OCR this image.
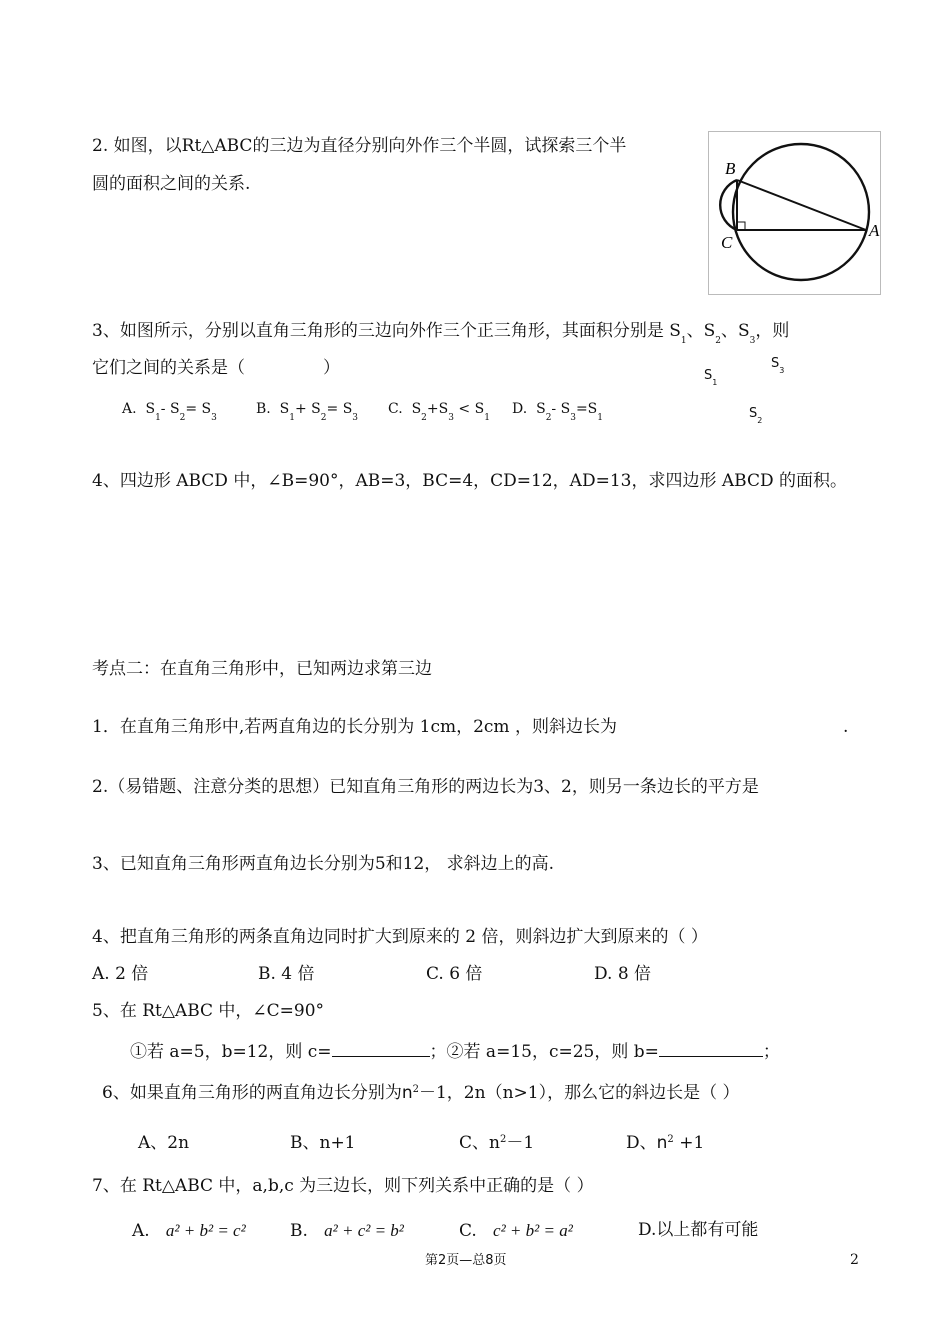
2. 如图，以Rt△ABC的三边为直径分别向外作三个半圆，试探索三个半
圆的面积之间的关系.
B
C
A
3、如图所示，分别以直角三角形的三边向外作三个正三角形，其面积分别是 $S_1$、$S_2$、$S_3$，则
它们之间的关系是（	）	$S_1$
$S_3$
$S_2$
A. $S_1-$ $S_2= S_3$
B. $S_1+ S_2= S_3$
C. $S_2+S_3 < S_1$
D. $S_2-$ $S_3=S_1$
4、四边形 ABCD 中，∠B=90°，AB=3，BC=4，CD=12，AD=13，求四边形 ABCD 的面积。
考点二：在直角三角形中，已知两边求第三边
1．在直角三角形中,若两直角边的长分别为 1cm，2cm ，则斜边长为	.
2.（易错题、注意分类的思想）已知直角三角形的两边长为3、2，则另一条边长的平方是
3、已知直角三角形两直角边长分别为5和12， 求斜边上的高.
4、把直角三角形的两条直角边同时扩大到原来的 2 倍，则斜边扩大到原来的（ ）
A. 2 倍	B. 4 倍	C. 6 倍	D. 8 倍
5、在 Rt△ABC 中，∠C=90°
①若 a=5，b=12，则 c=	；②若 a=15，c=25，则 b=	；
6、如果直角三角形的两直角边长分别为$n^2-1$，2n（n>1），那么它的斜边长是（ ）
A、2n	B、n+1	C、$n^2-1$	D、$n^2 +1$
7、在 Rt△ABC 中，a,b,c 为三边长，则下列关系中正确的是（ ）
A. a² + b² = c²	B. a² + c² = b²	C. c² + b² = a²	D.以上都有可能
第2页—总8页	2
